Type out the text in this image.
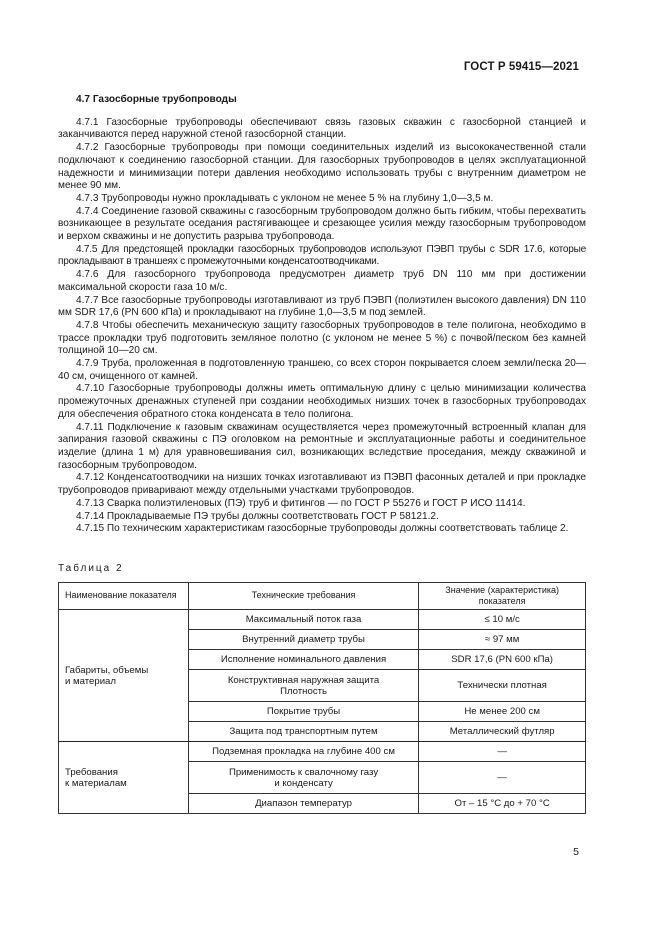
ГОСТ Р 59415—2021
4.7 Газосборные трубопроводы

4.7.1 Газосборные трубопроводы обеспечивают связь газовых скважин с газосборной станцией и заканчиваются перед наружной стеной газосборной станции.

4.7.2 Газосборные трубопроводы при помощи соединительных изделий из высококачественной стали подключают к соединению газосборной станции. Для газосборных трубопроводов в целях эксплуатационной надежности и минимизации потери давления необходимо использовать трубы с внутренним диаметром не менее 90 мм.

4.7.3 Трубопроводы нужно прокладывать с уклоном не менее 5 % на глубину 1,0—3,5 м.

4.7.4 Соединение газовой скважины с газосборным трубопроводом должно быть гибким, чтобы перехватить возникающее в результате оседания растягивающее и срезающее усилия между газосборным трубопроводом и верхом скважины и не допустить разрыва трубопровода.

4.7.5 Для предстоящей прокладки газосборных трубопроводов используют ПЭВП трубы с SDR 17.6, которые прокладывают в траншеях с промежуточными конденсатоотводчиками.

4.7.6 Для газосборного трубопровода предусмотрен диаметр труб DN 110 мм при достижении максимальной скорости газа 10 м/с.

4.7.7 Все газосборные трубопроводы изготавливают из труб ПЭВП (полиэтилен высокого давления) DN 110 мм SDR 17,6 (PN 600 кПа) и прокладывают на глубине 1,0—3,5 м под землей.

4.7.8 Чтобы обеспечить механическую защиту газосборных трубопроводов в теле полигона, необходимо в трассе прокладки труб подготовить земляное полотно (с уклоном не менее 5 %) с почвой/песком без камней толщиной 10—20 см.

4.7.9 Труба, проложенная в подготовленную траншею, со всех сторон покрывается слоем земли/песка 20—40 см, очищенного от камней.

4.7.10 Газосборные трубопроводы должны иметь оптимальную длину с целью минимизации количества промежуточных дренажных ступеней при создании необходимых низших точек в газосборных трубопроводах для обеспечения обратного стока конденсата в тело полигона.

4.7.11 Подключение к газовым скважинам осуществляется через промежуточный встроенный клапан для запирания газовой скважины с ПЭ оголовком на ремонтные и эксплуатационные работы и соединительное изделие (длина 1 м) для уравновешивания сил, возникающих вследствие проседания, между скважиной и газосборным трубопроводом.

4.7.12 Конденсатоотводчики на низших точках изготавливают из ПЭВП фасонных деталей и при прокладке трубопроводов приваривают между отдельными участками трубопроводов.

4.7.13 Сварка полиэтиленовых (ПЭ) труб и фитингов — по ГОСТ Р 55276 и ГОСТ Р ИСО 11414.

4.7.14 Прокладываемые ПЭ трубы должны соответствовать ГОСТ Р 58121.2.

4.7.15 По техническим характеристикам газосборные трубопроводы должны соответствовать таблице 2.

Таблица 2
Наименование показателя	Технические требования	Значение (характеристика) показателя
Габариты, объемы
и материал	Максимальный поток газа	≤ 10 м/с
	Внутренний диаметр трубы	≈ 97 мм
	Исполнение номинального давления	SDR 17,6 (PN 600 кПа)
	Конструктивная наружная защита
Плотность	Технически плотная
	Покрытие трубы	Не менее 200 см
	Защита под транспортным путем	Металлический футляр
Требования
к материалам	Подземная прокладка на глубине 400 см	—
	Применимость к свалочному газу
и конденсату	—
	Диапазон температур	От – 15 °С до + 70 °С
5
